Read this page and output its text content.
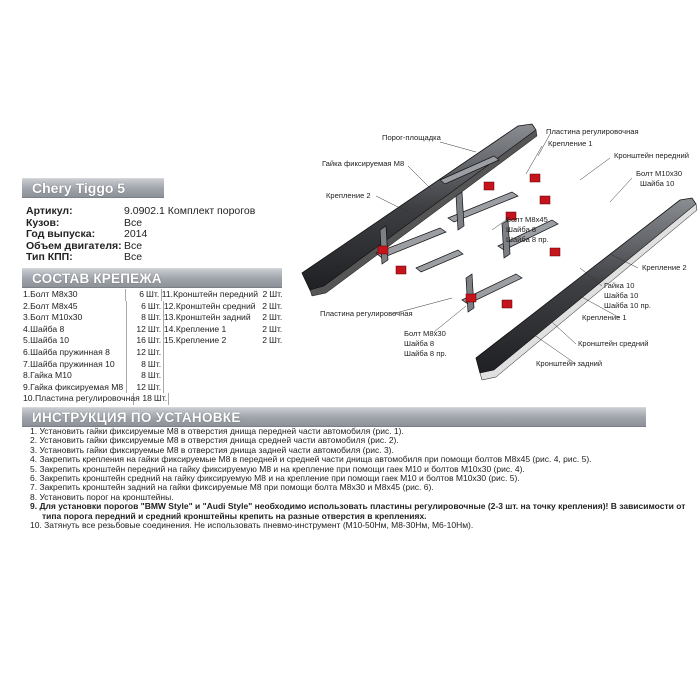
Chery Tiggo 5
Артикул:	9.0902.1 Комплект порогов
Кузов:	Все
Год выпуска:	2014
Объем двигателя: Все
Тип КПП:	Все
СОСТАВ КРЕПЕЖА
1.Болт М8х30	6 Шт. 11.Кронштейн передний 2 Шт.
2.Болт М8х45	6 Шт. 12.Кронштейн средний 2 Шт.
3.Болт М10х30	8 Шт. 13.Кронштейн задний	2 Шт.
4.Шайба 8	12 Шт. 14.Крепление 1	2 Шт.
5.Шайба 10	16 Шт. 15.Крепление 2	2 Шт.
6.Шайба пружинная 8	12 Шт.
7.Шайба пружинная 10	8 Шт.
8.Гайка М10	8 Шт.
9.Гайка фиксируемая М8	12 Шт.
10.Пластина регулировочная 18 Шт.
ИНСТРУКЦИЯ ПО УСТАНОВКЕ
1. Установить гайки фиксируемые М8 в отверстия днища передней части автомобиля (рис. 1).
2. Установить гайки фиксируемые М8 в отверстия днища средней части автомобиля (рис. 2).
3. Установить гайки фиксируемые М8 в отверстия днища задней части автомобиля (рис. 3).
4. Закрепить крепления на гайки фиксируемые М8 в передней и средней части днища автомобиля при помощи болтов М8х45 (рис. 4, рис. 5).
5. Закрепить кронштейн передний на гайку фиксируемую М8 и на крепление при помощи гаек М10 и болтов М10х30 (рис. 4).
6. Закрепить кронштейн средний на гайку фиксируемую М8 и на крепление при помощи гаек М10 и болтов М10х30 (рис. 5).
7. Закрепить кронштейн задний на гайки фиксируемые М8 при помощи болта М8х30 и М8х45 (рис. 6).
8. Установить порог на кронштейны.
9. Для установки порогов "BMW Style" и "Audi Style" необходимо использовать пластины регулировочные (2-3 шт. на точку крепления)! В зависимости от типа порога передний и средний кронштейны крепить на разные отверстия в креплениях.
10. Затянуть все резьбовые соединения. Не использовать пневмо-инструмент (М10-50Нм, М8-30Нм, М6-10Нм).
Порог-площадка
Пластина регулировочная
Крепление 1
Кронштейн передний
Гайка фиксируемая М8
Болт М10х30
Шайба 10
Крепление 2
Болт М8х45
Шайба 8
Шайба 8 пр.
Крепление 2
Гайка 10
Шайба 10
Шайба 10 пр.
Пластина регулировочная	Крепление 1
Болт М8х30
Шайба 8
Шайба 8 пр.
Кронштейн средний
Кронштейн задний
